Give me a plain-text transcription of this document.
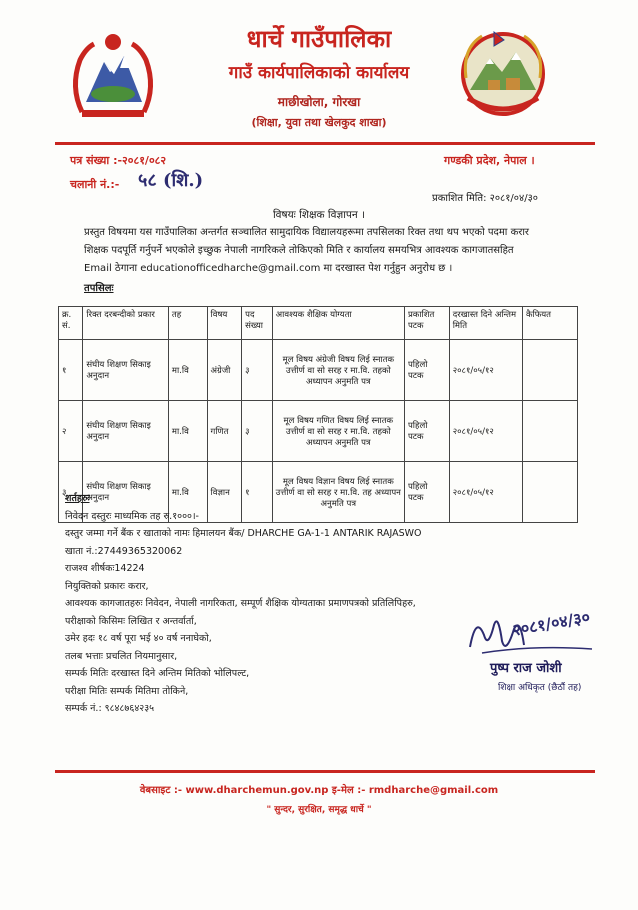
धार्चे गाउँपालिका
गाउँ कार्यपालिकाको कार्यालय
माछीखोला, गोरखा
(शिक्षा, युवा तथा खेलकुद शाखा)
पत्र संख्या :-२०८१/०८२
चलानी नं.:- ५८ (शि.)
गण्डकी प्रदेश, नेपाल ।
प्रकाशित मिति: २०८१/०४/३०
विषयः शिक्षक विज्ञापन ।
प्रस्तुत विषयमा यस गाउँपालिका अन्तर्गत सञ्चालित सामुदायिक विद्यालयहरूमा तपसिलका रिक्त तथा थप भएको पदमा करार
शिक्षक पदपूर्ति गर्नुपर्ने भएकोले इच्छुक नेपाली नागरिकले तोकिएको मिति र कार्यालय समयभित्र आवश्यक कागजातसहित
Email ठेगाना educationofficedharche@gmail.com मा दरखास्त पेश गर्नुहुन अनुरोध छ ।
तपसिलः
क्र. सं.	रिक्त दरबन्दीको प्रकार	तह	विषय	पद संख्या	आवश्यक शैक्षिक योग्यता	प्रकाशित पटक	दरखास्त दिने अन्तिम मिति	कैफियत
१	संघीय शिक्षण सिकाइ अनुदान	मा.वि	अंग्रेजी	३	मूल विषय अंग्रेजी विषय लिई स्नातक उत्तीर्ण वा सो सरह र मा.वि. तहको अध्यापन अनुमति पत्र	पहिलो पटक	२०८१/०५/१२	
२	संघीय शिक्षण सिकाइ अनुदान	मा.वि	गणित	३	मूल विषय गणित विषय लिई स्नातक उत्तीर्ण वा सो सरह र मा.वि. तहको अध्यापन अनुमति पत्र	पहिलो पटक	२०८१/०५/१२	
३	संघीय शिक्षण सिकाइ अनुदान	मा.वि	विज्ञान	१	मूल विषय विज्ञान विषय लिई स्नातक उत्तीर्ण वा सो सरह र मा.वि. तह अध्यापन अनुमति पत्र	पहिलो पटक	२०८१/०५/१२	
शर्तहरुः
निवेदन दस्तुरः माध्यमिक तह रु.१०००।-
दस्तुर जम्मा गर्ने बैंक र खाताको नामः हिमालयन बैंक/ DHARCHE GA-1-1 ANTARIK RAJASWO
खाता नं.:27449365320062
राजश्व शीर्षकः14224
नियुक्तिको प्रकारः करार,
आवश्यक कागजातहरुः निवेदन, नेपाली नागरिकता, सम्पूर्ण शैक्षिक योग्यताका प्रमाणपत्रको प्रतिलिपिहरु,
परीक्षाको किसिमः लिखित र अन्तर्वार्ता,
उमेर हदः १८ वर्ष पूरा भई ४० वर्ष ननाघेको,
तलब भत्ताः प्रचलित नियमानुसार,
सम्पर्क मितिः दरखास्त दिने अन्तिम मितिको भोलिपल्ट,
परीक्षा मितिः सम्पर्क मितिमा तोकिने,
सम्पर्क नं.: ९८४८७६४२३५
२०८१/०४/३०
पुष्प राज जोशी
शिक्षा अधिकृत (छैठौं तह)
वेबसाइट :- www.dharchemun.gov.np इ-मेल :- rmdharche@gmail.com
" सुन्दर, सुरक्षित, समृद्ध धार्चे "
